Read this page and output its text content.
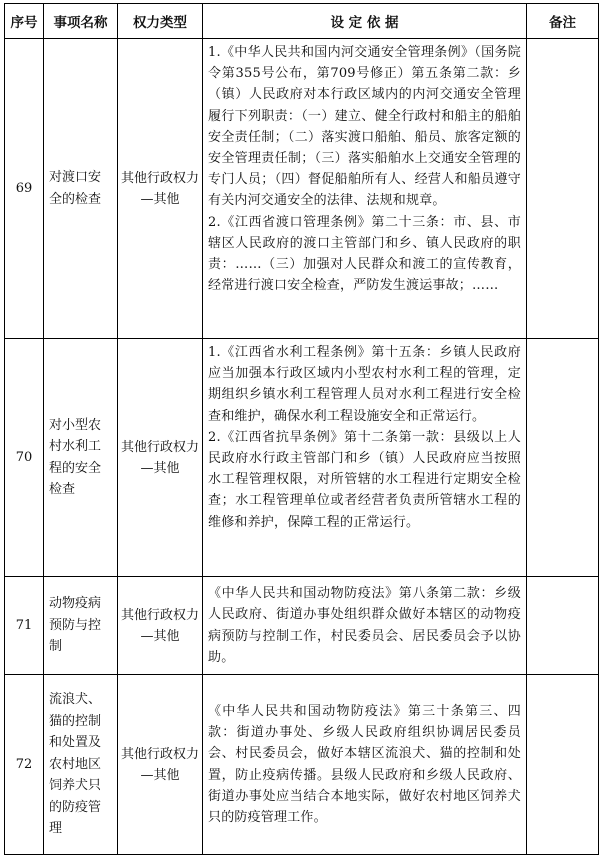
序号	事项名称	权力类型	设 定 依 据	备注
69	对渡口安全的检查	其他行政权力—其他	1.《中华人民共和国内河交通安全管理条例》（国务院令第355号公布，第709号修正）第五条第二款：乡（镇）人民政府对本行政区域内的内河交通安全管理履行下列职责：（一）建立、健全行政村和船主的船舶安全责任制；（二）落实渡口船舶、船员、旅客定额的安全管理责任制；（三）落实船舶水上交通安全管理的专门人员；（四）督促船舶所有人、经营人和船员遵守有关内河交通安全的法律、法规和规章。
2.《江西省渡口管理条例》第二十三条：市、县、市辖区人民政府的渡口主管部门和乡、镇人民政府的职责：……（三）加强对人民群众和渡工的宣传教育，经常进行渡口安全检查，严防发生渡运事故；……	

70	对小型农村水利工程的安全检查	其他行政权力—其他	1.《江西省水利工程条例》第十五条：乡镇人民政府应当加强本行政区域内小型农村水利工程的管理，定期组织乡镇水利工程管理人员对水利工程进行安全检查和维护，确保水利工程设施安全和正常运行。
2.《江西省抗旱条例》第十二条第一款：县级以上人民政府水行政主管部门和乡（镇）人民政府应当按照水工程管理权限，对所管辖的水工程进行定期安全检查；水工程管理单位或者经营者负责所管辖水工程的维修和养护，保障工程的正常运行。	

71	动物疫病预防与控制	其他行政权力—其他	《中华人民共和国动物防疫法》第八条第二款：乡级人民政府、街道办事处组织群众做好本辖区的动物疫病预防与控制工作，村民委员会、居民委员会予以协助。	

72	流浪犬、猫的控制和处置及农村地区饲养犬只的防疫管理	其他行政权力—其他	《中华人民共和国动物防疫法》第三十条第三、四款：街道办事处、乡级人民政府组织协调居民委员会、村民委员会，做好本辖区流浪犬、猫的控制和处置，防止疫病传播。县级人民政府和乡级人民政府、街道办事处应当结合本地实际，做好农村地区饲养犬只的防疫管理工作。	
